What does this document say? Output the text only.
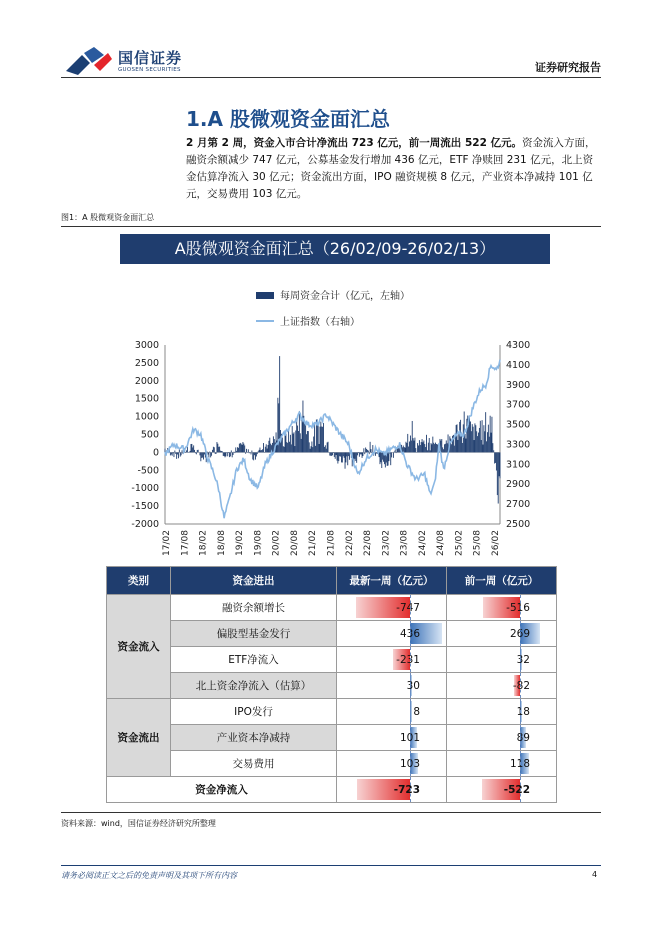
国信证券
GUOSEN SECURITIES	证券研究报告
1.A 股微观资金面汇总
2 月第 2 周，资金入市合计净流出 723 亿元，前一周流出 522 亿元。资金流入方面，融资余额减少 747 亿元，公募基金发行增加 436 亿元，ETF 净赎回 231 亿元，北上资金估算净流入 30 亿元；资金流出方面，IPO 融资规模 8 亿元，产业资本净减持 101 亿元，交易费用 103 亿元。
图1：A 股微观资金面汇总
A股微观资金面汇总（26/02/09-26/02/13）
每周资金合计（亿元，左轴）
上证指数（右轴）
3000
2500
2000
1500
1000
500
0
-500
-1000
-1500
-2000
4300
4100
3900
3700
3500
3300
3100
2900
2700
2500
17/02 17/08 18/02 18/08 19/02 19/08 20/02 20/08 21/02 21/08 22/02 22/08 23/02 23/08 24/02 24/08 25/02 25/08 26/02
类别	资金进出	最新一周（亿元）	前一周（亿元）
资金流入	融资余额增长	-747	-516

	偏股型基金发行	436	269

	ETF净流入	-231	32

	北上资金净流入（估算）	30	-82

资金流出	IPO发行	8	18

	产业资本净减持	101	89

	交易费用	103	118

资金净流入		-723	-522
资料来源：wind，国信证券经济研究所整理
请务必阅读正文之后的免责声明及其项下所有内容	4
